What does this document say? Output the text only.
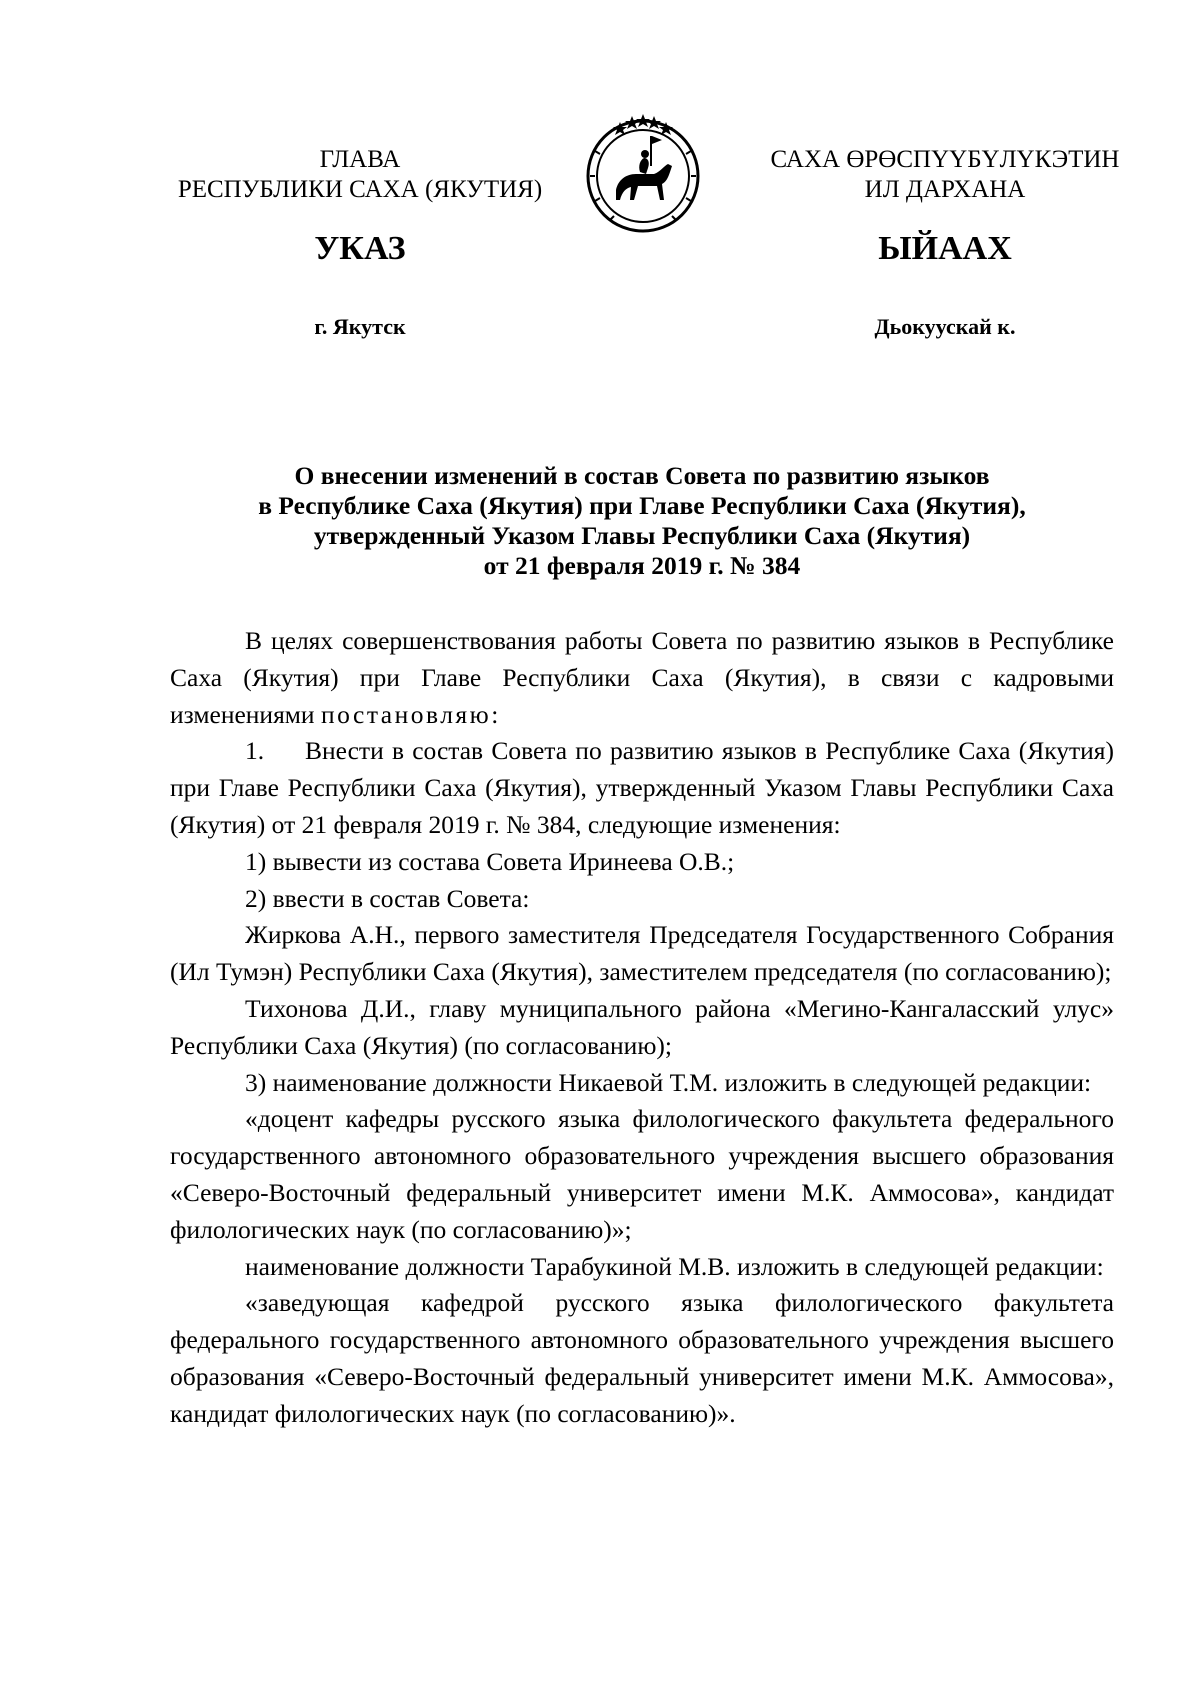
ГЛАВА
РЕСПУБЛИКИ САХА (ЯКУТИЯ)
САХА ӨРӨСПҮҮБҮЛҮКЭТИН
ИЛ ДАРХАНА
УКАЗ	ЫЙААХ
г. Якутск	Дьокуускай к.
О внесении изменений в состав Совета по развитию языков
в Республике Саха (Якутия) при Главе Республики Саха (Якутия),
утвержденный Указом Главы Республики Саха (Якутия)
от 21 февраля 2019 г. № 384

В целях совершенствования работы Совета по развитию языков в Республике Саха (Якутия) при Главе Республики Саха (Якутия), в связи с кадровыми изменениями постановляю:

1. Внести в состав Совета по развитию языков в Республике Саха (Якутия) при Главе Республики Саха (Якутия), утвержденный Указом Главы Республики Саха (Якутия) от 21 февраля 2019 г. № 384, следующие изменения:

1) вывести из состава Совета Иринеева О.В.;

2) ввести в состав Совета:

Жиркова А.Н., первого заместителя Председателя Государственного Собрания (Ил Тумэн) Республики Саха (Якутия), заместителем председателя (по согласованию);

Тихонова Д.И., главу муниципального района «Мегино-Кангаласский улус» Республики Саха (Якутия) (по согласованию);

3) наименование должности Никаевой Т.М. изложить в следующей редакции:

«доцент кафедры русского языка филологического факультета федерального государственного автономного образовательного учреждения высшего образования «Северо-Восточный федеральный университет имени М.К. Аммосова», кандидат филологических наук (по согласованию)»;

наименование должности Тарабукиной М.В. изложить в следующей редакции:

«заведующая кафедрой русского языка филологического факультета федерального государственного автономного образовательного учреждения высшего образования «Северо-Восточный федеральный университет имени М.К. Аммосова», кандидат филологических наук (по согласованию)».
